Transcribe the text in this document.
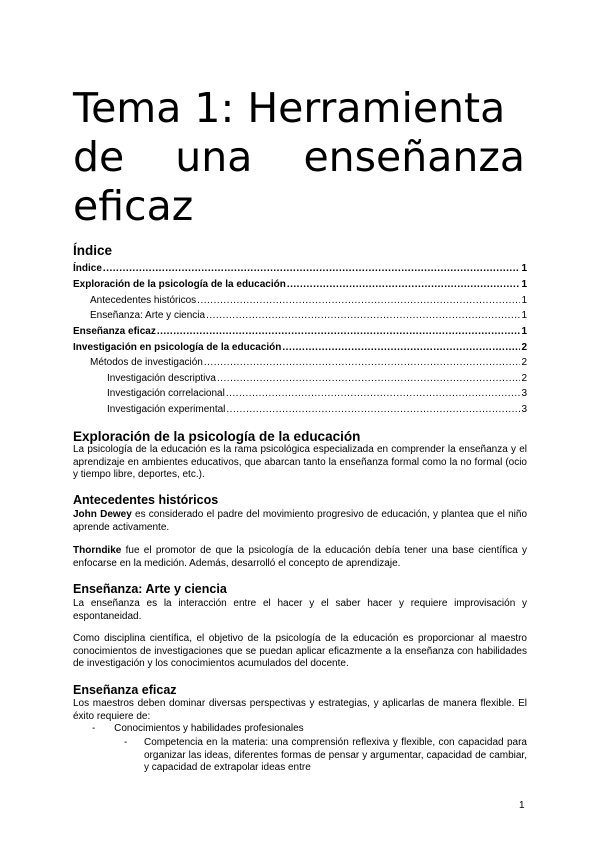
Tema 1: Herramienta
de una enseñanza
eficaz
Índice
Índice .....	1
Exploración de la psicología de la educación .....	1
Antecedentes históricos .....	1
Enseñanza: Arte y ciencia .....	1
Enseñanza eficaz .....	1
Investigación en psicología de la educación .....	2
Métodos de investigación .....	2
Investigación descriptiva .....	2
Investigación correlacional .....	3
Investigación experimental .....	3
Exploración de la psicología de la educación

La psicología de la educación es la rama psicológica especializada en comprender la enseñanza y el aprendizaje en ambientes educativos, que abarcan tanto la enseñanza formal como la no formal (ocio y tiempo libre, deportes, etc.).

Antecedentes históricos

John Dewey es considerado el padre del movimiento progresivo de educación, y plantea que el niño aprende activamente.

Thorndike fue el promotor de que la psicología de la educación debía tener una base científica y enfocarse en la medición. Además, desarrolló el concepto de aprendizaje.

Enseñanza: Arte y ciencia

La enseñanza es la interacción entre el hacer y el saber hacer y requiere improvisación y espontaneidad.

Como disciplina científica, el objetivo de la psicología de la educación es proporcionar al maestro conocimientos de investigaciones que se puedan aplicar eficazmente a la enseñanza con habilidades de investigación y los conocimientos acumulados del docente.

Enseñanza eficaz

Los maestros deben dominar diversas perspectivas y estrategias, y aplicarlas de manera flexible. El éxito requiere de:

- Conocimientos y habilidades profesionales
- Competencia en la materia: una comprensión reflexiva y flexible, con capacidad para organizar las ideas, diferentes formas de pensar y argumentar, capacidad de cambiar, y capacidad de extrapolar ideas entre
1
